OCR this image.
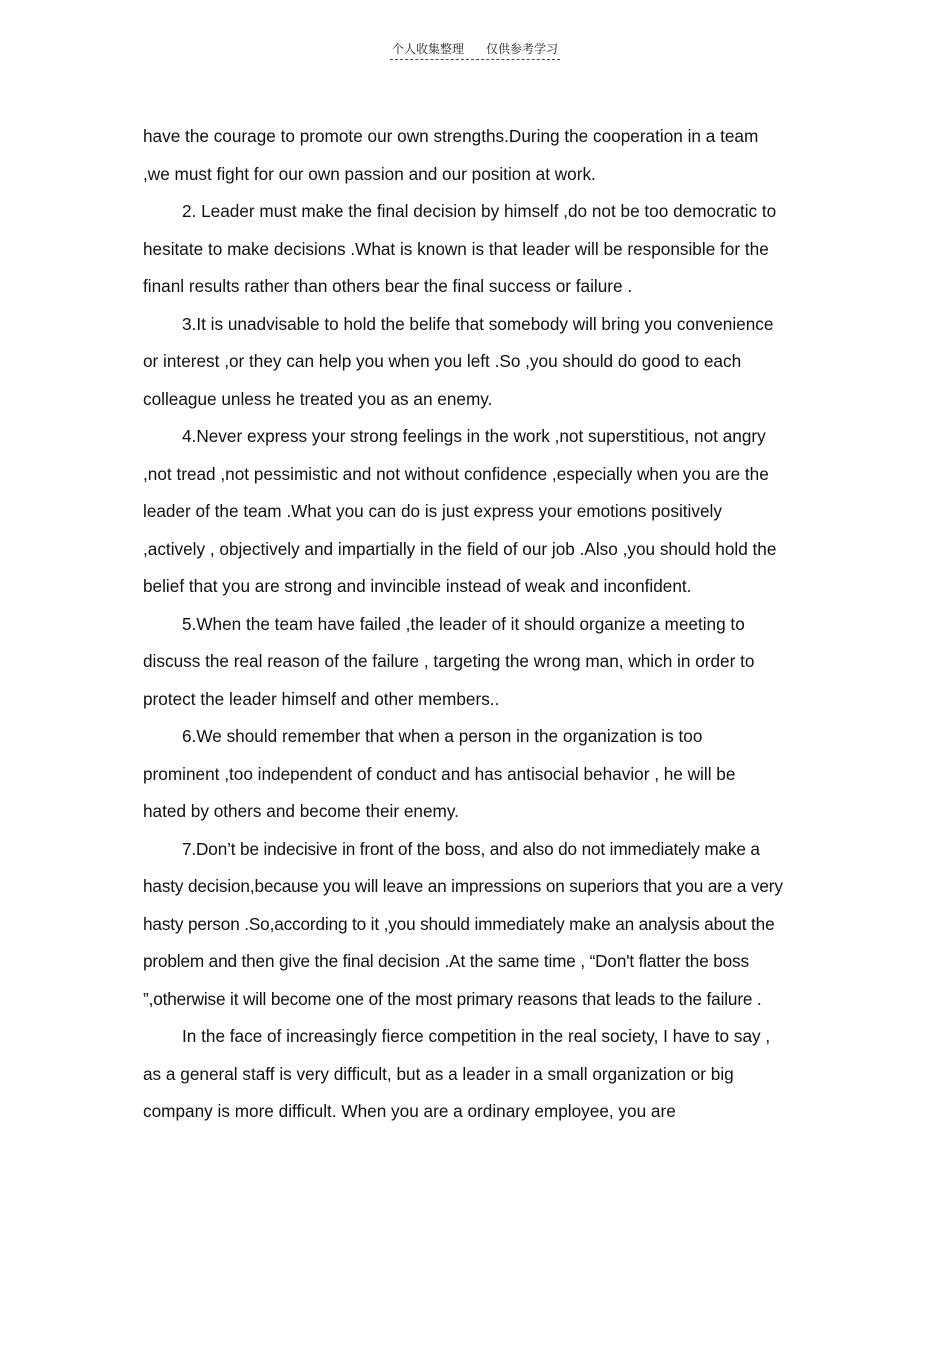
个人收集整理 仅供参考学习

have the courage to promote our own strengths.During the cooperation in a team ,we must fight for our own passion and our position at work.

2. Leader must make the final decision by himself ,do not be too democratic to hesitate to make decisions .What is known is that leader will be responsible for the finanl results rather than others bear the final success or failure .

3.It is unadvisable to hold the belife that somebody will bring you convenience or interest ,or they can help you when you left .So ,you should do good to each colleague unless he treated you as an enemy.

4.Never express your strong feelings in the work ,not superstitious, not angry ,not tread ,not pessimistic and not without confidence ,especially when you are the leader of the team .What you can do is just express your emotions positively ,actively , objectively and impartially in the field of our job .Also ,you should hold the belief that you are strong and invincible instead of weak and inconfident.

5.When the team have failed ,the leader of it should organize a meeting to discuss the real reason of the failure , targeting the wrong man, which in order to protect the leader himself and other members..

6.We should remember that when a person in the organization is too prominent ,too independent of conduct and has antisocial behavior , he will be hated by others and become their enemy.

7.Don’t be indecisive in front of the boss, and also do not immediately make a hasty decision,because you will leave an impressions on superiors that you are a very hasty person .So,according to it ,you should immediately make an analysis about the problem and then give the final decision .At the same time , “Don't flatter the boss ”,otherwise it will become one of the most primary reasons that leads to the failure .

In the face of increasingly fierce competition in the real society, I have to say , as a general staff is very difficult, but as a leader in a small organization or big company is more difficult. When you are a ordinary employee, you are
